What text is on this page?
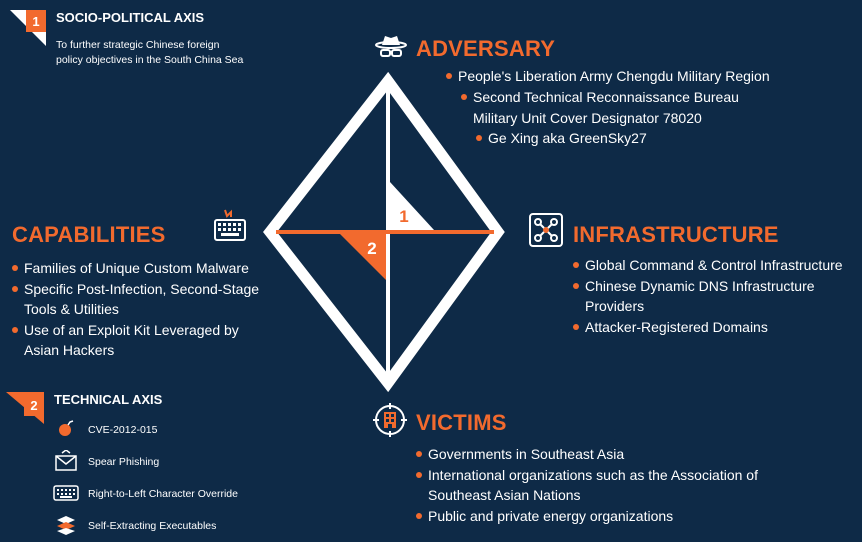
1 SOCIO-POLITICAL AXIS
To further strategic Chinese foreign
policy objectives in the South China Sea
1
2
ADVERSARY
People's Liberation Army Chengdu Military Region
Second Technical Reconnaissance Bureau
Military Unit Cover Designator 78020
Ge Xing aka GreenSky27
CAPABILITIES
Families of Unique Custom Malware
Specific Post-Infection, Second-Stage
Tools & Utilities
Use of an Exploit Kit Leveraged by
Asian Hackers
INFRASTRUCTURE
Global Command & Control Infrastructure
Chinese Dynamic DNS Infrastructure
Providers
Attacker-Registered Domains
VICTIMS
Governments in Southeast Asia
International organizations such as the Association of
Southeast Asian Nations
Public and private energy organizations
2 TECHNICAL AXIS
CVE-2012-015
Spear Phishing
Right-to-Left Character Override
Self-Extracting Executables
